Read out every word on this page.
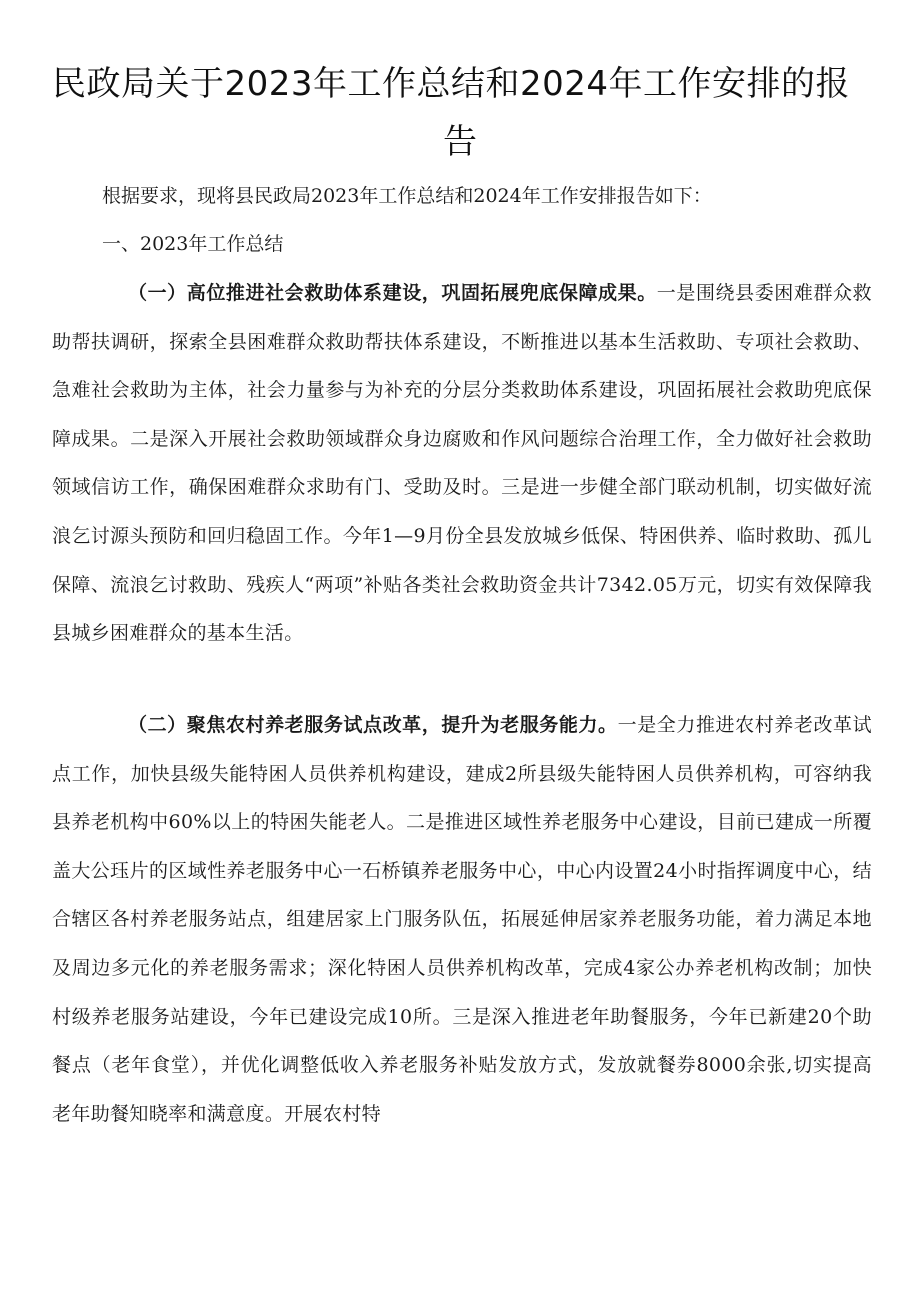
民政局关于2023年工作总结和2024年工作安排的报
告

根据要求，现将县民政局2023年工作总结和2024年工作安排报告如下：

一、2023年工作总结

（一）高位推进社会救助体系建设，巩固拓展兜底保障成果。一是围绕县委困难群众救助帮扶调研，探索全县困难群众救助帮扶体系建设，不断推进以基本生活救助、专项社会救助、急难社会救助为主体，社会力量参与为补充的分层分类救助体系建设，巩固拓展社会救助兜底保障成果。二是深入开展社会救助领域群众身边腐败和作风问题综合治理工作，全力做好社会救助领域信访工作，确保困难群众求助有门、受助及时。三是进一步健全部门联动机制，切实做好流浪乞讨源头预防和回归稳固工作。今年1—9月份全县发放城乡低保、特困供养、临时救助、孤儿保障、流浪乞讨救助、残疾人“两项”补贴各类社会救助资金共计7342.05万元，切实有效保障我县城乡困难群众的基本生活。

（二）聚焦农村养老服务试点改革，提升为老服务能力。一是全力推进农村养老改革试点工作，加快县级失能特困人员供养机构建设，建成2所县级失能特困人员供养机构，可容纳我县养老机构中60%以上的特困失能老人。二是推进区域性养老服务中心建设，目前已建成一所覆盖大公珏片的区域性养老服务中心一石桥镇养老服务中心，中心内设置24小时指挥调度中心，结合辖区各村养老服务站点，组建居家上门服务队伍，拓展延伸居家养老服务功能，着力满足本地及周边多元化的养老服务需求；深化特困人员供养机构改革，完成4家公办养老机构改制；加快村级养老服务站建设，今年已建设完成10所。三是深入推进老年助餐服务，今年已新建20个助餐点（老年食堂），并优化调整低收入养老服务补贴发放方式，发放就餐券8000余张,切实提高老年助餐知晓率和满意度。开展农村特
